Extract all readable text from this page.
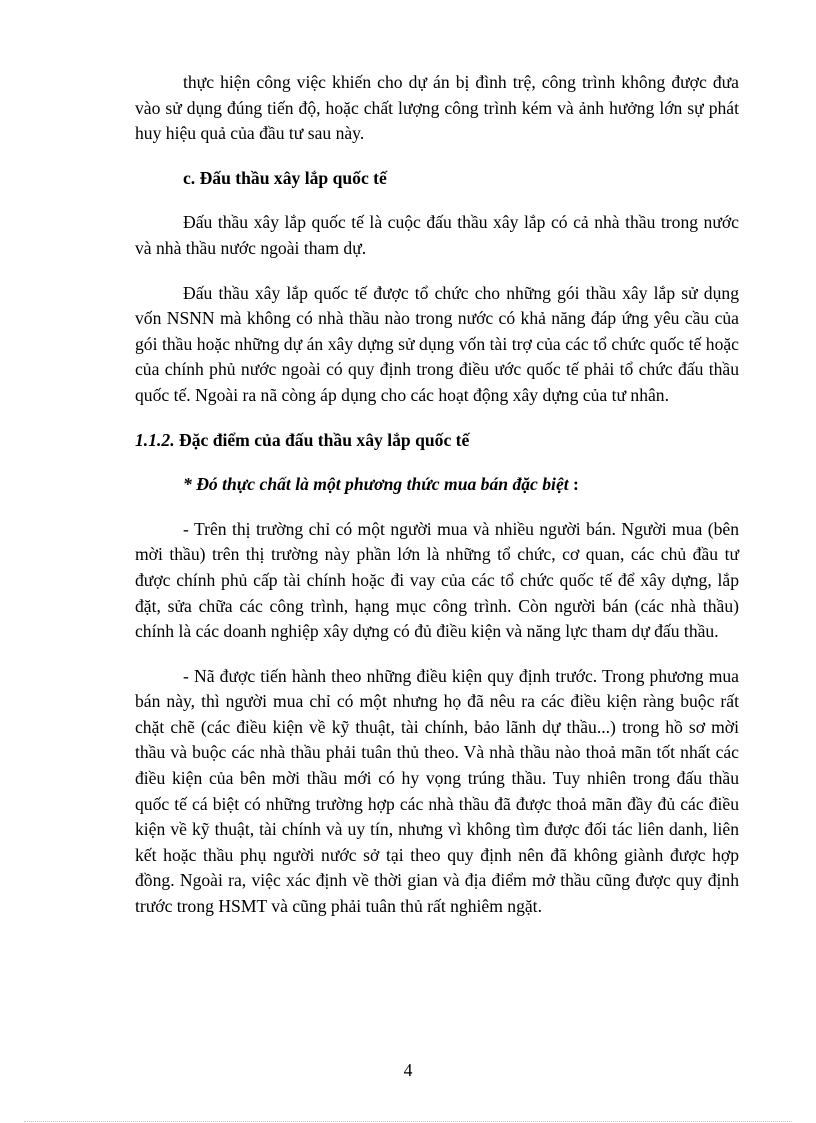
thực hiện công việc khiến cho dự án bị đình trệ, công trình không được đưa vào sử dụng đúng tiến độ, hoặc chất lượng công trình kém và ảnh hưởng lớn sự phát huy hiệu quả của đầu tư sau này.

c. Đấu thầu xây lắp quốc tế

Đấu thầu xây lắp quốc tế là cuộc đấu thầu xây lắp có cả nhà thầu trong nước và nhà thầu nước ngoài tham dự.

Đấu thầu xây lắp quốc tế được tổ chức cho những gói thầu xây lắp sử dụng vốn NSNN mà không có nhà thầu nào trong nước có khả năng đáp ứng yêu cầu của gói thầu hoặc những dự án xây dựng sử dụng vốn tài trợ của các tổ chức quốc tế hoặc của chính phủ nước ngoài có quy định trong điều ước quốc tế phải tổ chức đấu thầu quốc tế. Ngoài ra nã còng áp dụng cho các hoạt động xây dựng của tư nhân.

1.1.2. Đặc điểm của đấu thầu xây lắp quốc tế

* Đó thực chất là một phương thức mua bán đặc biệt :

- Trên thị trường chỉ có một người mua và nhiều người bán. Người mua (bên mời thầu) trên thị trường này phần lớn là những tổ chức, cơ quan, các chủ đầu tư được chính phủ cấp tài chính hoặc đi vay của các tổ chức quốc tế để xây dựng, lắp đặt, sửa chữa các công trình, hạng mục công trình. Còn người bán (các nhà thầu) chính là các doanh nghiệp xây dựng có đủ điều kiện và năng lực tham dự đấu thầu.

- Nã được tiến hành theo những điều kiện quy định trước. Trong phương mua bán này, thì người mua chỉ có một nhưng họ đã nêu ra các điều kiện ràng buộc rất chặt chẽ (các điều kiện về kỹ thuật, tài chính, bảo lãnh dự thầu...) trong hồ sơ mời thầu và buộc các nhà thầu phải tuân thủ theo. Và nhà thầu nào thoả mãn tốt nhất các điều kiện của bên mời thầu mới có hy vọng trúng thầu. Tuy nhiên trong đấu thầu quốc tế cá biệt có những trường hợp các nhà thầu đã được thoả mãn đầy đủ các điều kiện về kỹ thuật, tài chính và uy tín, nhưng vì không tìm được đối tác liên danh, liên kết hoặc thầu phụ người nước sở tại theo quy định nên đã không giành được hợp đồng. Ngoài ra, việc xác định về thời gian và địa điểm mở thầu cũng được quy định trước trong HSMT và cũng phải tuân thủ rất nghiêm ngặt.

4
